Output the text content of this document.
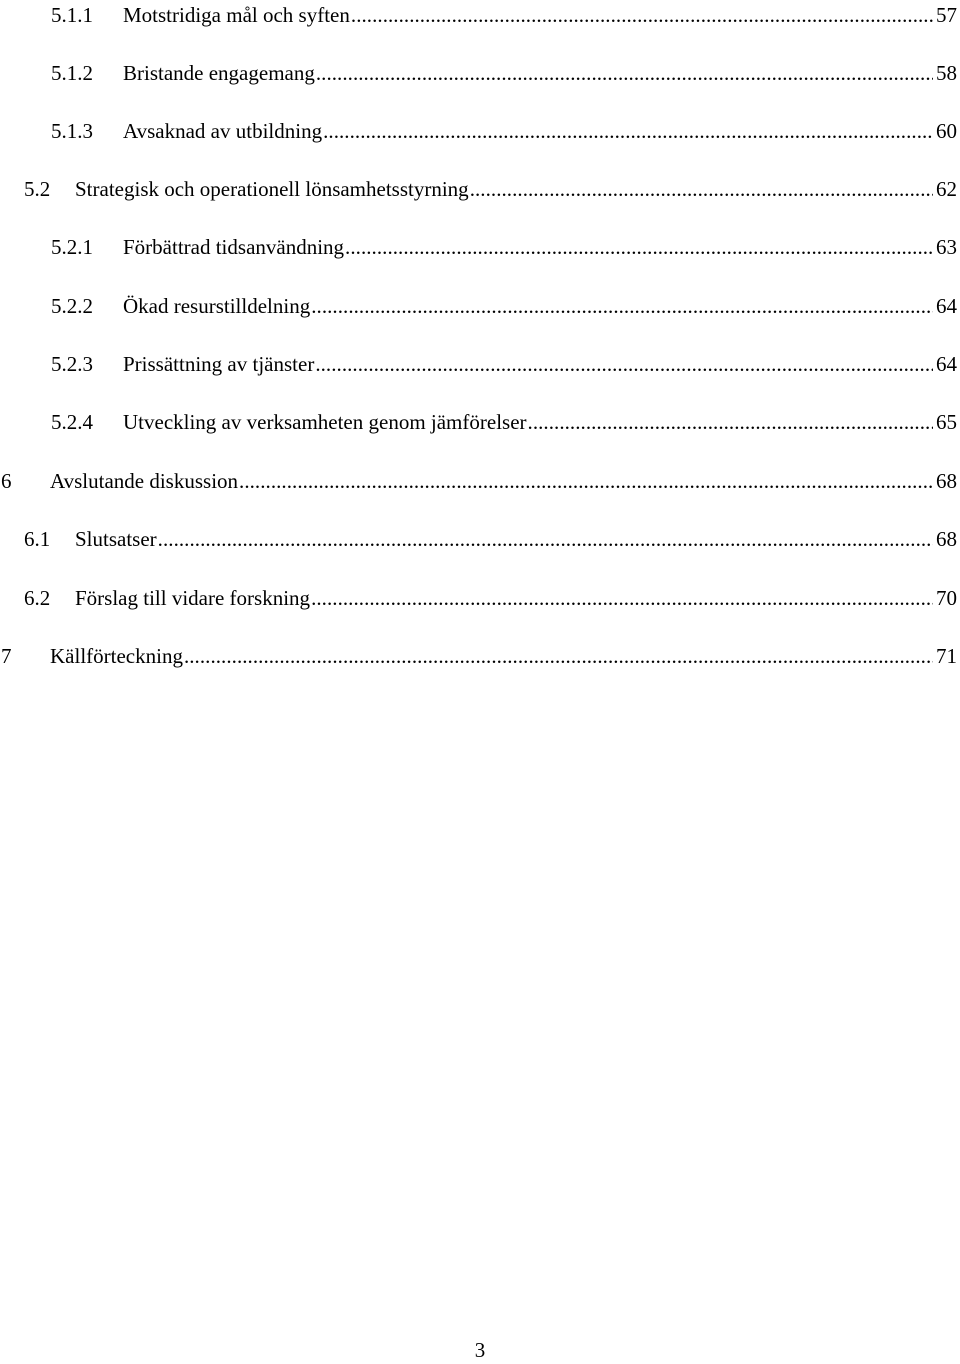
5.1.1 Motstridiga mål och syften . . .	57
5.1.2 Bristande engagemang . . .	58
5.1.3 Avsaknad av utbildning . . .	60
5.2 Strategisk och operationell lönsamhetsstyrning . . .	62
5.2.1 Förbättrad tidsanvändning . . .	63
5.2.2 Ökad resurstilldelning . . .	64
5.2.3 Prissättning av tjänster . . .	64
5.2.4 Utveckling av verksamheten genom jämförelser . . .	65
6 Avslutande diskussion . . .	68
6.1 Slutsatser . . .	68
6.2 Förslag till vidare forskning . . .	70
7 Källförteckning . . .	71
3
